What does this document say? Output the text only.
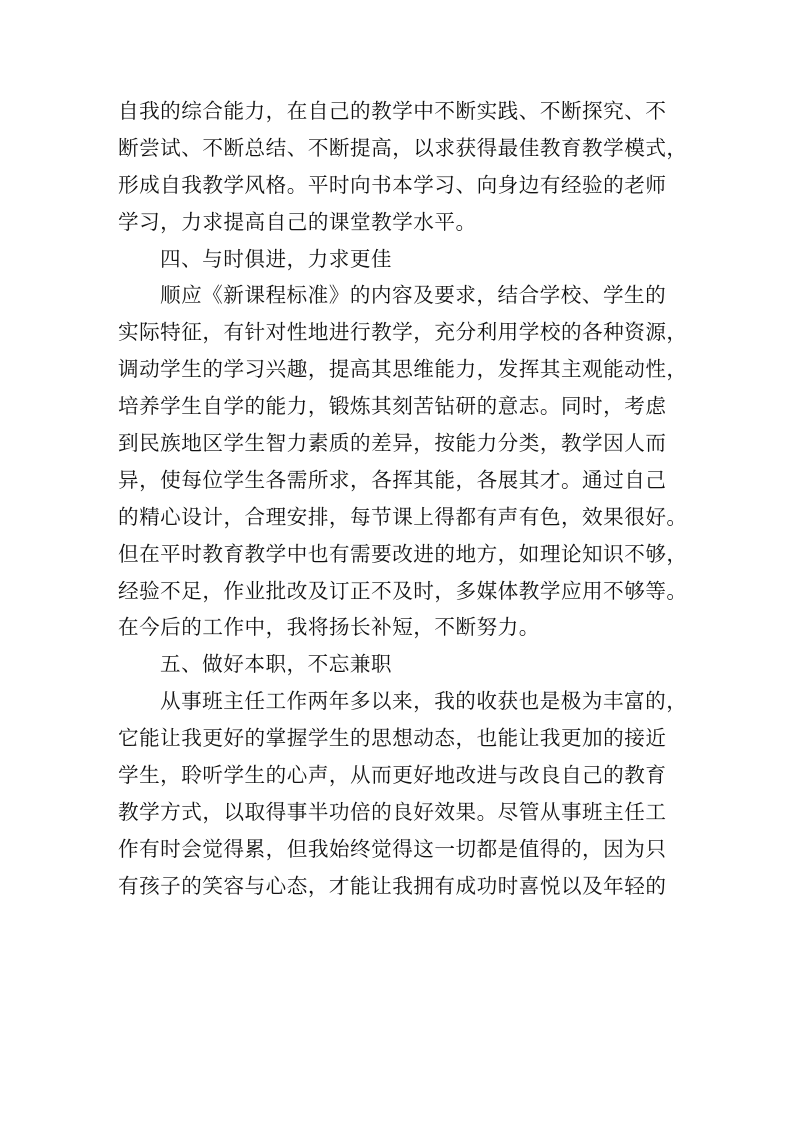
自我的综合能力，在自己的教学中不断实践、不断探究、不
断尝试、不断总结、不断提高，以求获得最佳教育教学模式，
形成自我教学风格。平时向书本学习、向身边有经验的老师
学习，力求提高自己的课堂教学水平。
四、与时俱进，力求更佳
顺应《新课程标准》的内容及要求，结合学校、学生的
实际特征，有针对性地进行教学，充分利用学校的各种资源，
调动学生的学习兴趣，提高其思维能力，发挥其主观能动性，
培养学生自学的能力，锻炼其刻苦钻研的意志。同时，考虑
到民族地区学生智力素质的差异，按能力分类，教学因人而
异，使每位学生各需所求，各挥其能，各展其才。通过自己
的精心设计，合理安排，每节课上得都有声有色，效果很好。
但在平时教育教学中也有需要改进的地方，如理论知识不够，
经验不足，作业批改及订正不及时，多媒体教学应用不够等。
在今后的工作中，我将扬长补短，不断努力。
五、做好本职，不忘兼职
从事班主任工作两年多以来，我的收获也是极为丰富的，
它能让我更好的掌握学生的思想动态，也能让我更加的接近
学生，聆听学生的心声，从而更好地改进与改良自己的教育
教学方式，以取得事半功倍的良好效果。尽管从事班主任工
作有时会觉得累，但我始终觉得这一切都是值得的，因为只
有孩子的笑容与心态，才能让我拥有成功时喜悦以及年轻的
